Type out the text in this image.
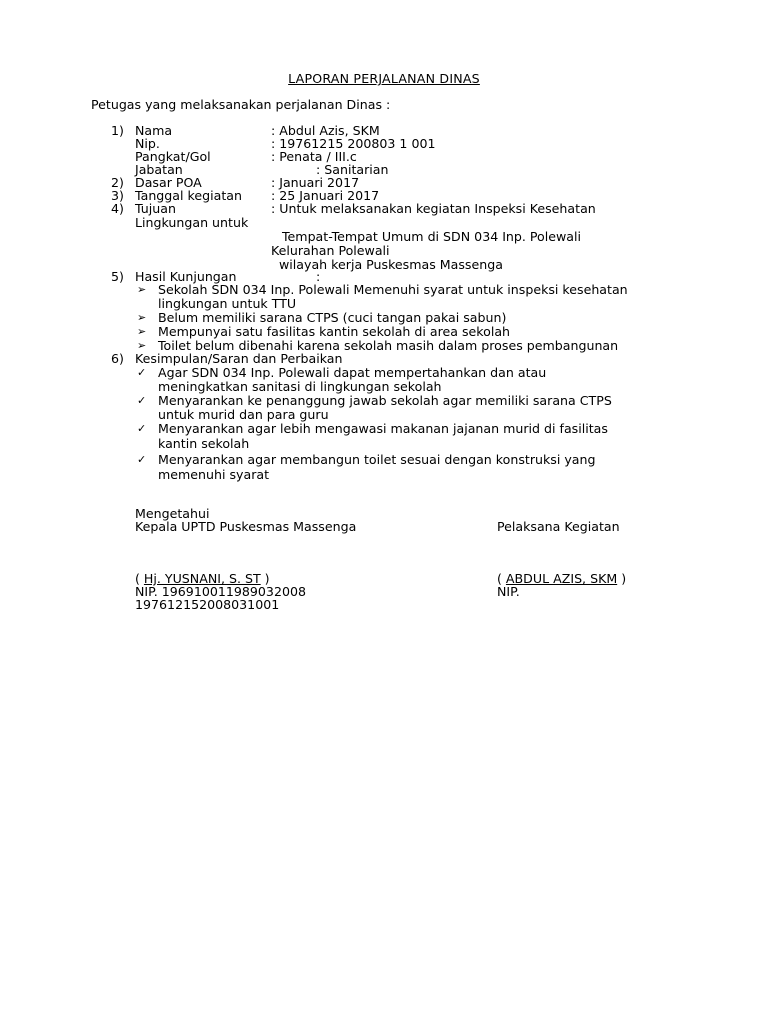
LAPORAN PERJALANAN DINAS
Petugas yang melaksanakan perjalanan Dinas :
1) Nama	: Abdul Azis, SKM
Nip.	: 19761215 200803 1 001
Pangkat/Gol	: Penata / III.c
Jabatan	: Sanitarian
2) Dasar POA	: Januari 2017
3) Tanggal kegiatan : 25 Januari 2017
4) Tujuan	: Untuk melaksanakan kegiatan Inspeksi Kesehatan
Lingkungan untuk
Tempat-Tempat Umum di SDN 034 Inp. Polewali
Kelurahan Polewali
wilayah kerja Puskesmas Massenga
5) Hasil Kunjungan	:
➢ Sekolah SDN 034 Inp. Polewali Memenuhi syarat untuk inspeksi kesehatan
lingkungan untuk TTU
➢ Belum memiliki sarana CTPS (cuci tangan pakai sabun)
➢ Mempunyai satu fasilitas kantin sekolah di area sekolah
➢ Toilet belum dibenahi karena sekolah masih dalam proses pembangunan
6) Kesimpulan/Saran dan Perbaikan
✓ Agar SDN 034 Inp. Polewali dapat mempertahankan dan atau
meningkatkan sanitasi di lingkungan sekolah
✓ Menyarankan ke penanggung jawab sekolah agar memiliki sarana CTPS
untuk murid dan para guru
✓ Menyarankan agar lebih mengawasi makanan jajanan murid di fasilitas
kantin sekolah
✓ Menyarankan agar membangun toilet sesuai dengan konstruksi yang
memenuhi syarat
Mengetahui
Kepala UPTD Puskesmas Massenga	Pelaksana Kegiatan
( Hj. YUSNANI, S. ST )	( ABDUL AZIS, SKM )
NIP. 196910011989032008	NIP.
197612152008031001
